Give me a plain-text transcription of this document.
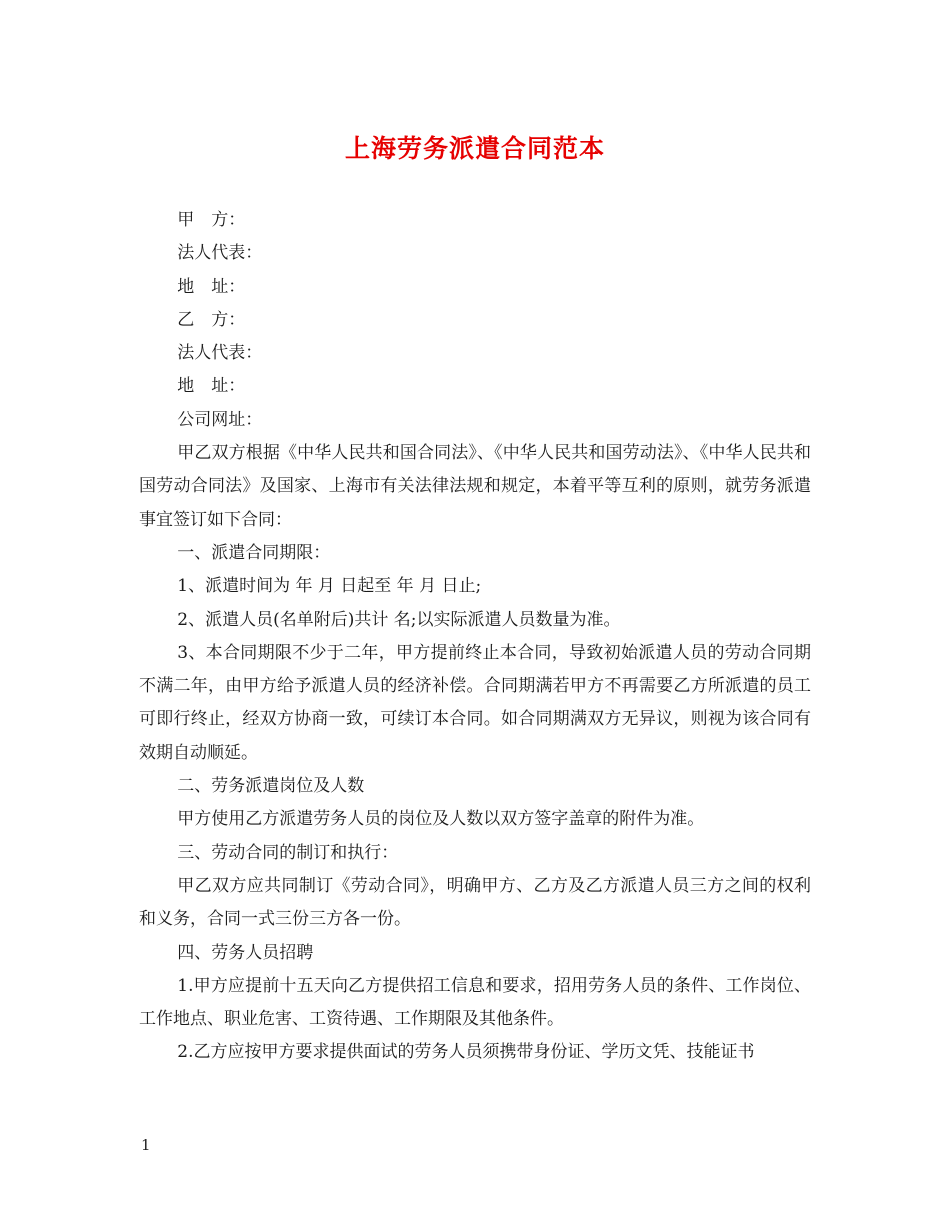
上海劳务派遣合同范本

甲　方：

法人代表：

地　址：

乙　方：

法人代表：

地　址：

公司网址：

甲乙双方根据《中华人民共和国合同法》、《中华人民共和国劳动法》、《中华人民共和国劳动合同法》及国家、上海市有关法律法规和规定，本着平等互利的原则，就劳务派遣事宜签订如下合同：

一、派遣合同期限：

1、派遣时间为 年 月 日起至 年 月 日止;

2、派遣人员(名单附后)共计 名;以实际派遣人员数量为准。

3、本合同期限不少于二年，甲方提前终止本合同，导致初始派遣人员的劳动合同期不满二年，由甲方给予派遣人员的经济补偿。合同期满若甲方不再需要乙方所派遣的员工可即行终止，经双方协商一致，可续订本合同。如合同期满双方无异议，则视为该合同有效期自动顺延。

二、劳务派遣岗位及人数

甲方使用乙方派遣劳务人员的岗位及人数以双方签字盖章的附件为准。

三、劳动合同的制订和执行：

甲乙双方应共同制订《劳动合同》，明确甲方、乙方及乙方派遣人员三方之间的权利和义务，合同一式三份三方各一份。

四、劳务人员招聘

1.甲方应提前十五天向乙方提供招工信息和要求，招用劳务人员的条件、工作岗位、工作地点、职业危害、工资待遇、工作期限及其他条件。

2.乙方应按甲方要求提供面试的劳务人员须携带身份证、学历文凭、技能证书

1
